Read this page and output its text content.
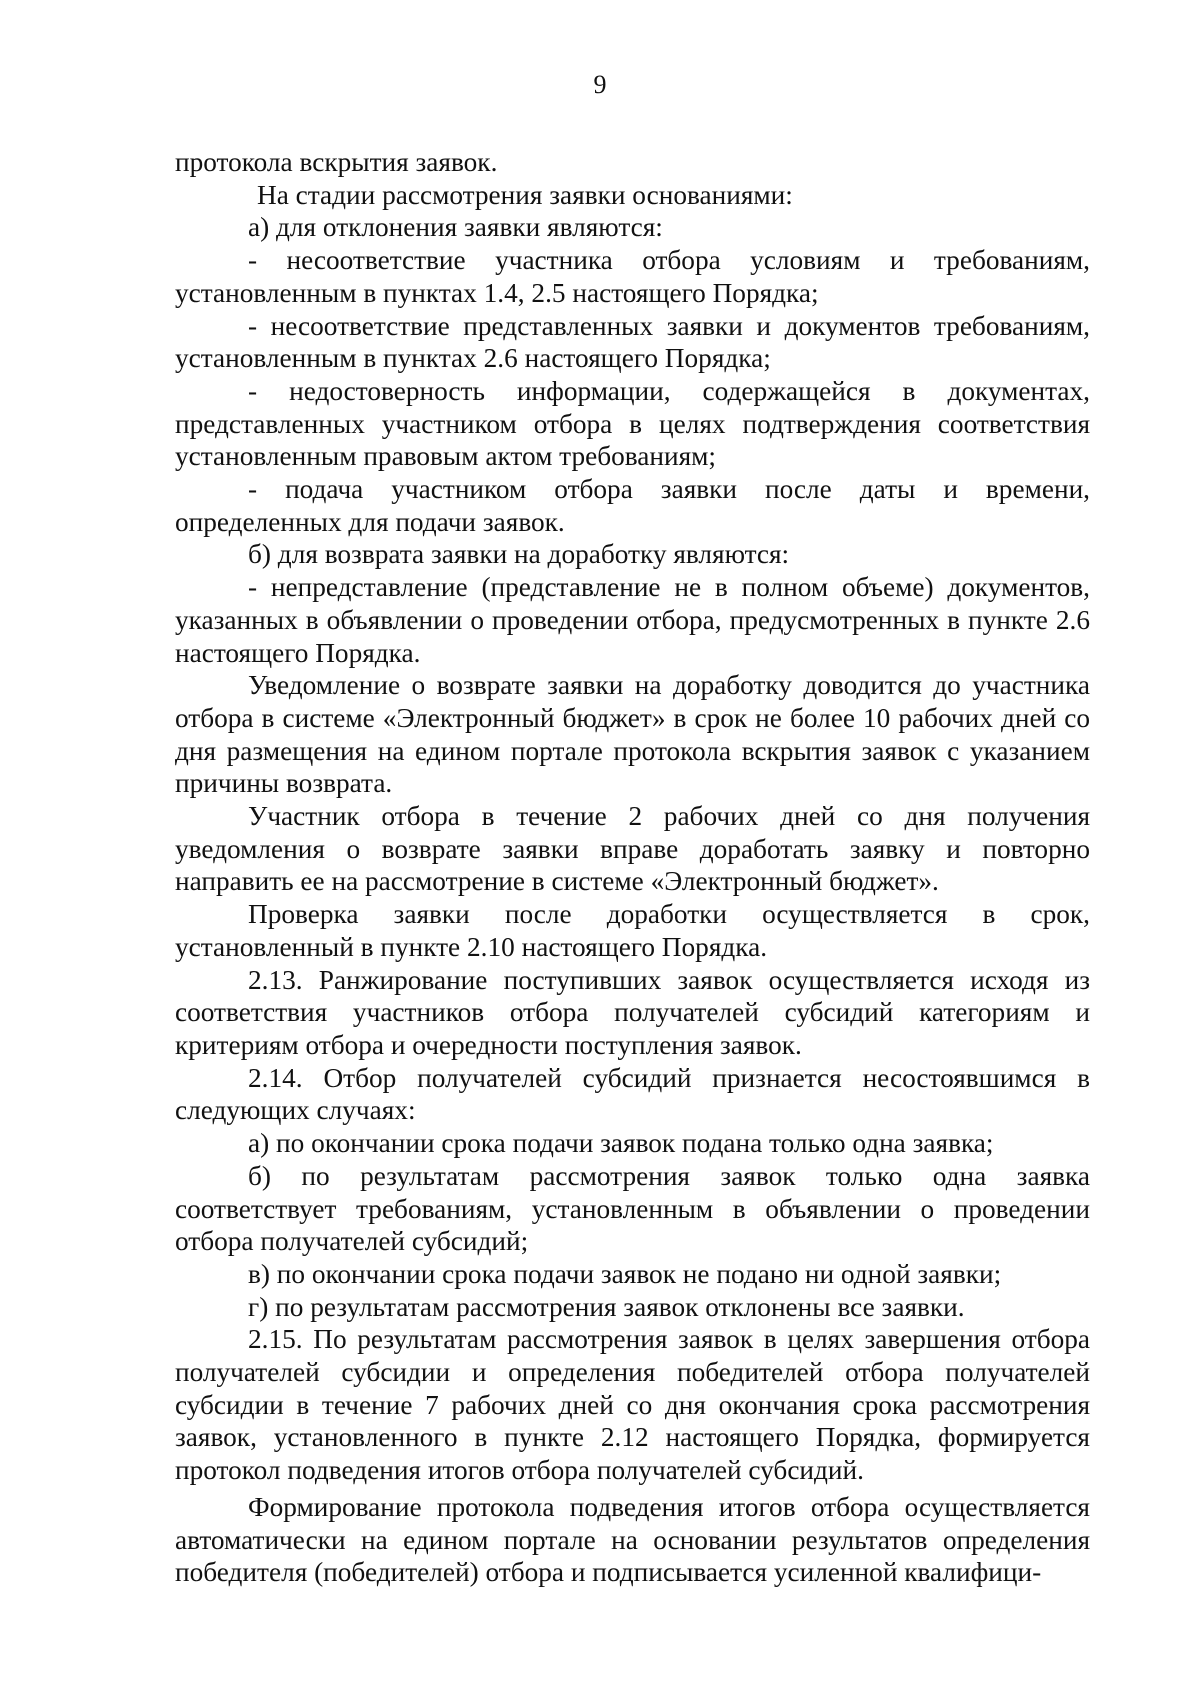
9

протокола вскрытия заявок.

На стадии рассмотрения заявки основаниями:

а) для отклонения заявки являются:

- несоответствие участника отбора условиям и требованиям, установленным в пунктах 1.4, 2.5 настоящего Порядка;

- несоответствие представленных заявки и документов требованиям, установленным в пунктах 2.6 настоящего Порядка;

- недостоверность информации, содержащейся в документах, представленных участником отбора в целях подтверждения соответствия установленным правовым актом требованиям;

- подача участником отбора заявки после даты и времени, определенных для подачи заявок.

б) для возврата заявки на доработку являются:

- непредставление (представление не в полном объеме) документов, указанных в объявлении о проведении отбора, предусмотренных в пункте 2.6 настоящего Порядка.

Уведомление о возврате заявки на доработку доводится до участника отбора в системе «Электронный бюджет» в срок не более 10 рабочих дней со дня размещения на едином портале протокола вскрытия заявок с указанием причины возврата.

Участник отбора в течение 2 рабочих дней со дня получения уведомления о возврате заявки вправе доработать заявку и повторно направить ее на рассмотрение в системе «Электронный бюджет».

Проверка заявки после доработки осуществляется в срок, установленный в пункте 2.10 настоящего Порядка.

2.13. Ранжирование поступивших заявок осуществляется исходя из соответствия участников отбора получателей субсидий категориям и критериям отбора и очередности поступления заявок.

2.14. Отбор получателей субсидий признается несостоявшимся в следующих случаях:

а) по окончании срока подачи заявок подана только одна заявка;

б) по результатам рассмотрения заявок только одна заявка соответствует требованиям, установленным в объявлении о проведении отбора получателей субсидий;

в) по окончании срока подачи заявок не подано ни одной заявки;

г) по результатам рассмотрения заявок отклонены все заявки.

2.15. По результатам рассмотрения заявок в целях завершения отбора получателей субсидии и определения победителей отбора получателей субсидии в течение 7 рабочих дней со дня окончания срока рассмотрения заявок, установленного в пункте 2.12 настоящего Порядка, формируется протокол подведения итогов отбора получателей субсидий.

Формирование протокола подведения итогов отбора осуществляется автоматически на едином портале на основании результатов определения победителя (победителей) отбора и подписывается усиленной квалифици-
